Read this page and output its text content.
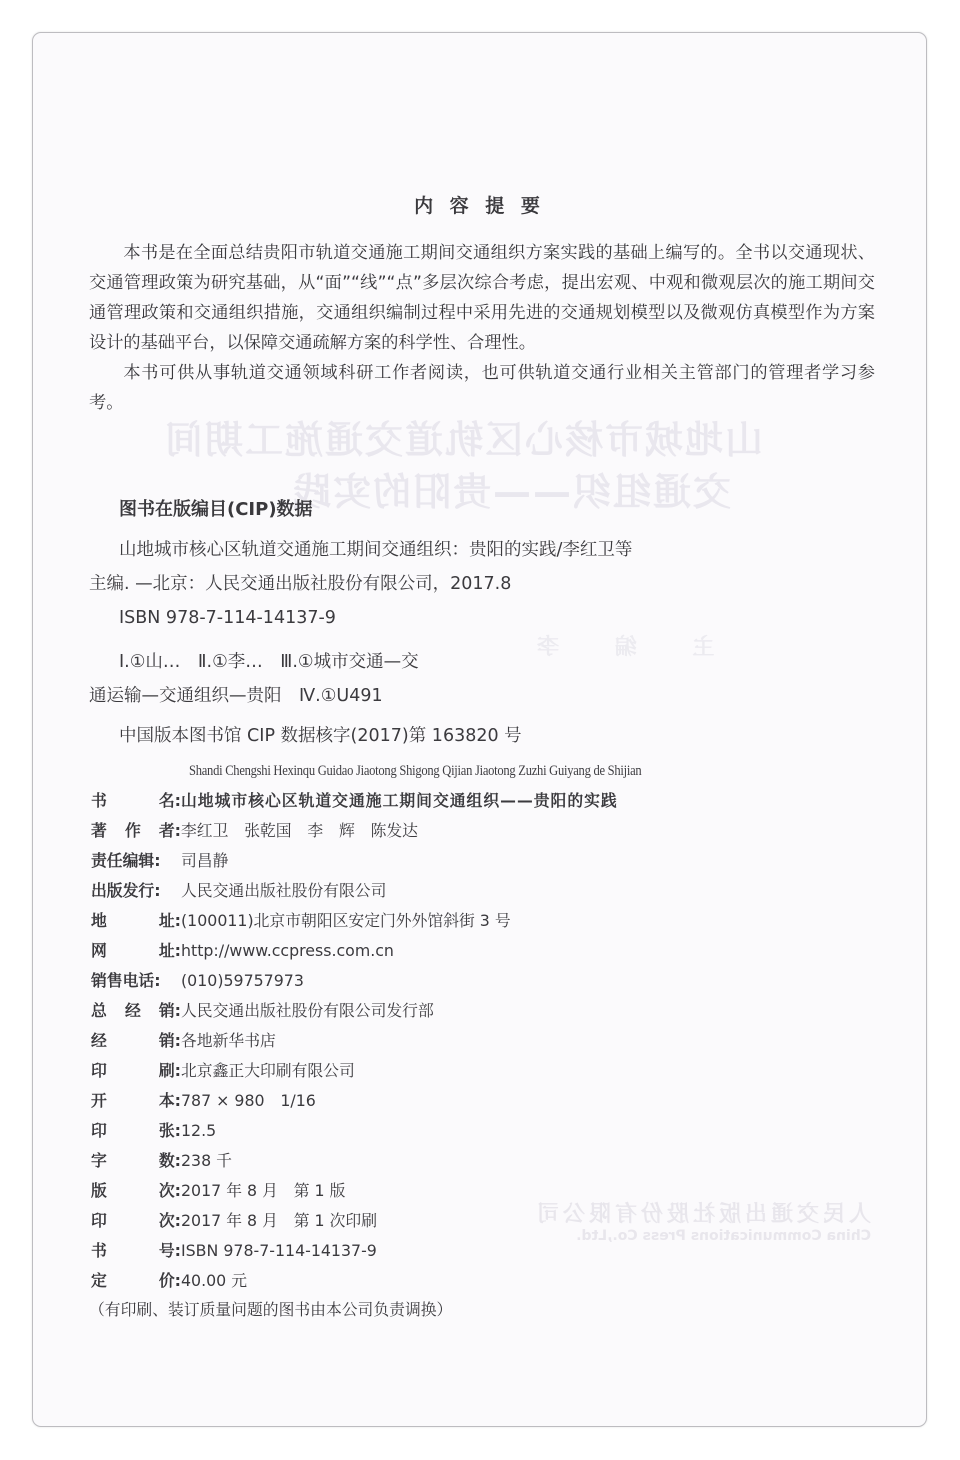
山地城市核心区轨道交通施工期间
交通组织——贵阳的实践
主 编 李
人民交通出版社股份有限公司
China Communications Press Co.,Ltd.
内 容 提 要

本书是在全面总结贵阳市轨道交通施工期间交通组织方案实践的基础上编写的。全书以交通现状、交通管理政策为研究基础，从“面”“线”“点”多层次综合考虑，提出宏观、中观和微观层次的施工期间交通管理政策和交通组织措施，交通组织编制过程中采用先进的交通规划模型以及微观仿真模型作为方案设计的基础平台，以保障交通疏解方案的科学性、合理性。

本书可供从事轨道交通领域科研工作者阅读，也可供轨道交通行业相关主管部门的管理者学习参考。

图书在版编目(CIP)数据
山地城市核心区轨道交通施工期间交通组织：贵阳的实践/李红卫等
主编. —北京：人民交通出版社股份有限公司，2017.8
ISBN 978-7-114-14137-9
Ⅰ.①山…　Ⅱ.①李…　Ⅲ.①城市交通—交
通运输—交通组织—贵阳　Ⅳ.①U491
中国版本图书馆 CIP 数据核字(2017)第 163820 号
Shandi Chengshi Hexinqu Guidao Jiaotong Shigong Qijian Jiaotong Zuzhi Guiyang de Shijian
书	名: 山地城市核心区轨道交通施工期间交通组织——贵阳的实践
著 作 者: 李红卫　张乾国　李　辉　陈发达
责任编辑: 司昌静
出版发行: 人民交通出版社股份有限公司
地	址: (100011)北京市朝阳区安定门外外馆斜街 3 号
网	址: http://www.ccpress.com.cn
销售电话: (010)59757973
总 经 销: 人民交通出版社股份有限公司发行部
经	销: 各地新华书店
印	刷: 北京鑫正大印刷有限公司
开	本: 787 × 980　1/16
印	张: 12.5
字	数: 238 千
版	次: 2017 年 8 月　第 1 版
印	次: 2017 年 8 月　第 1 次印刷
书	号: ISBN 978-7-114-14137-9
定	价: 40.00 元
（有印刷、装订质量问题的图书由本公司负责调换）
